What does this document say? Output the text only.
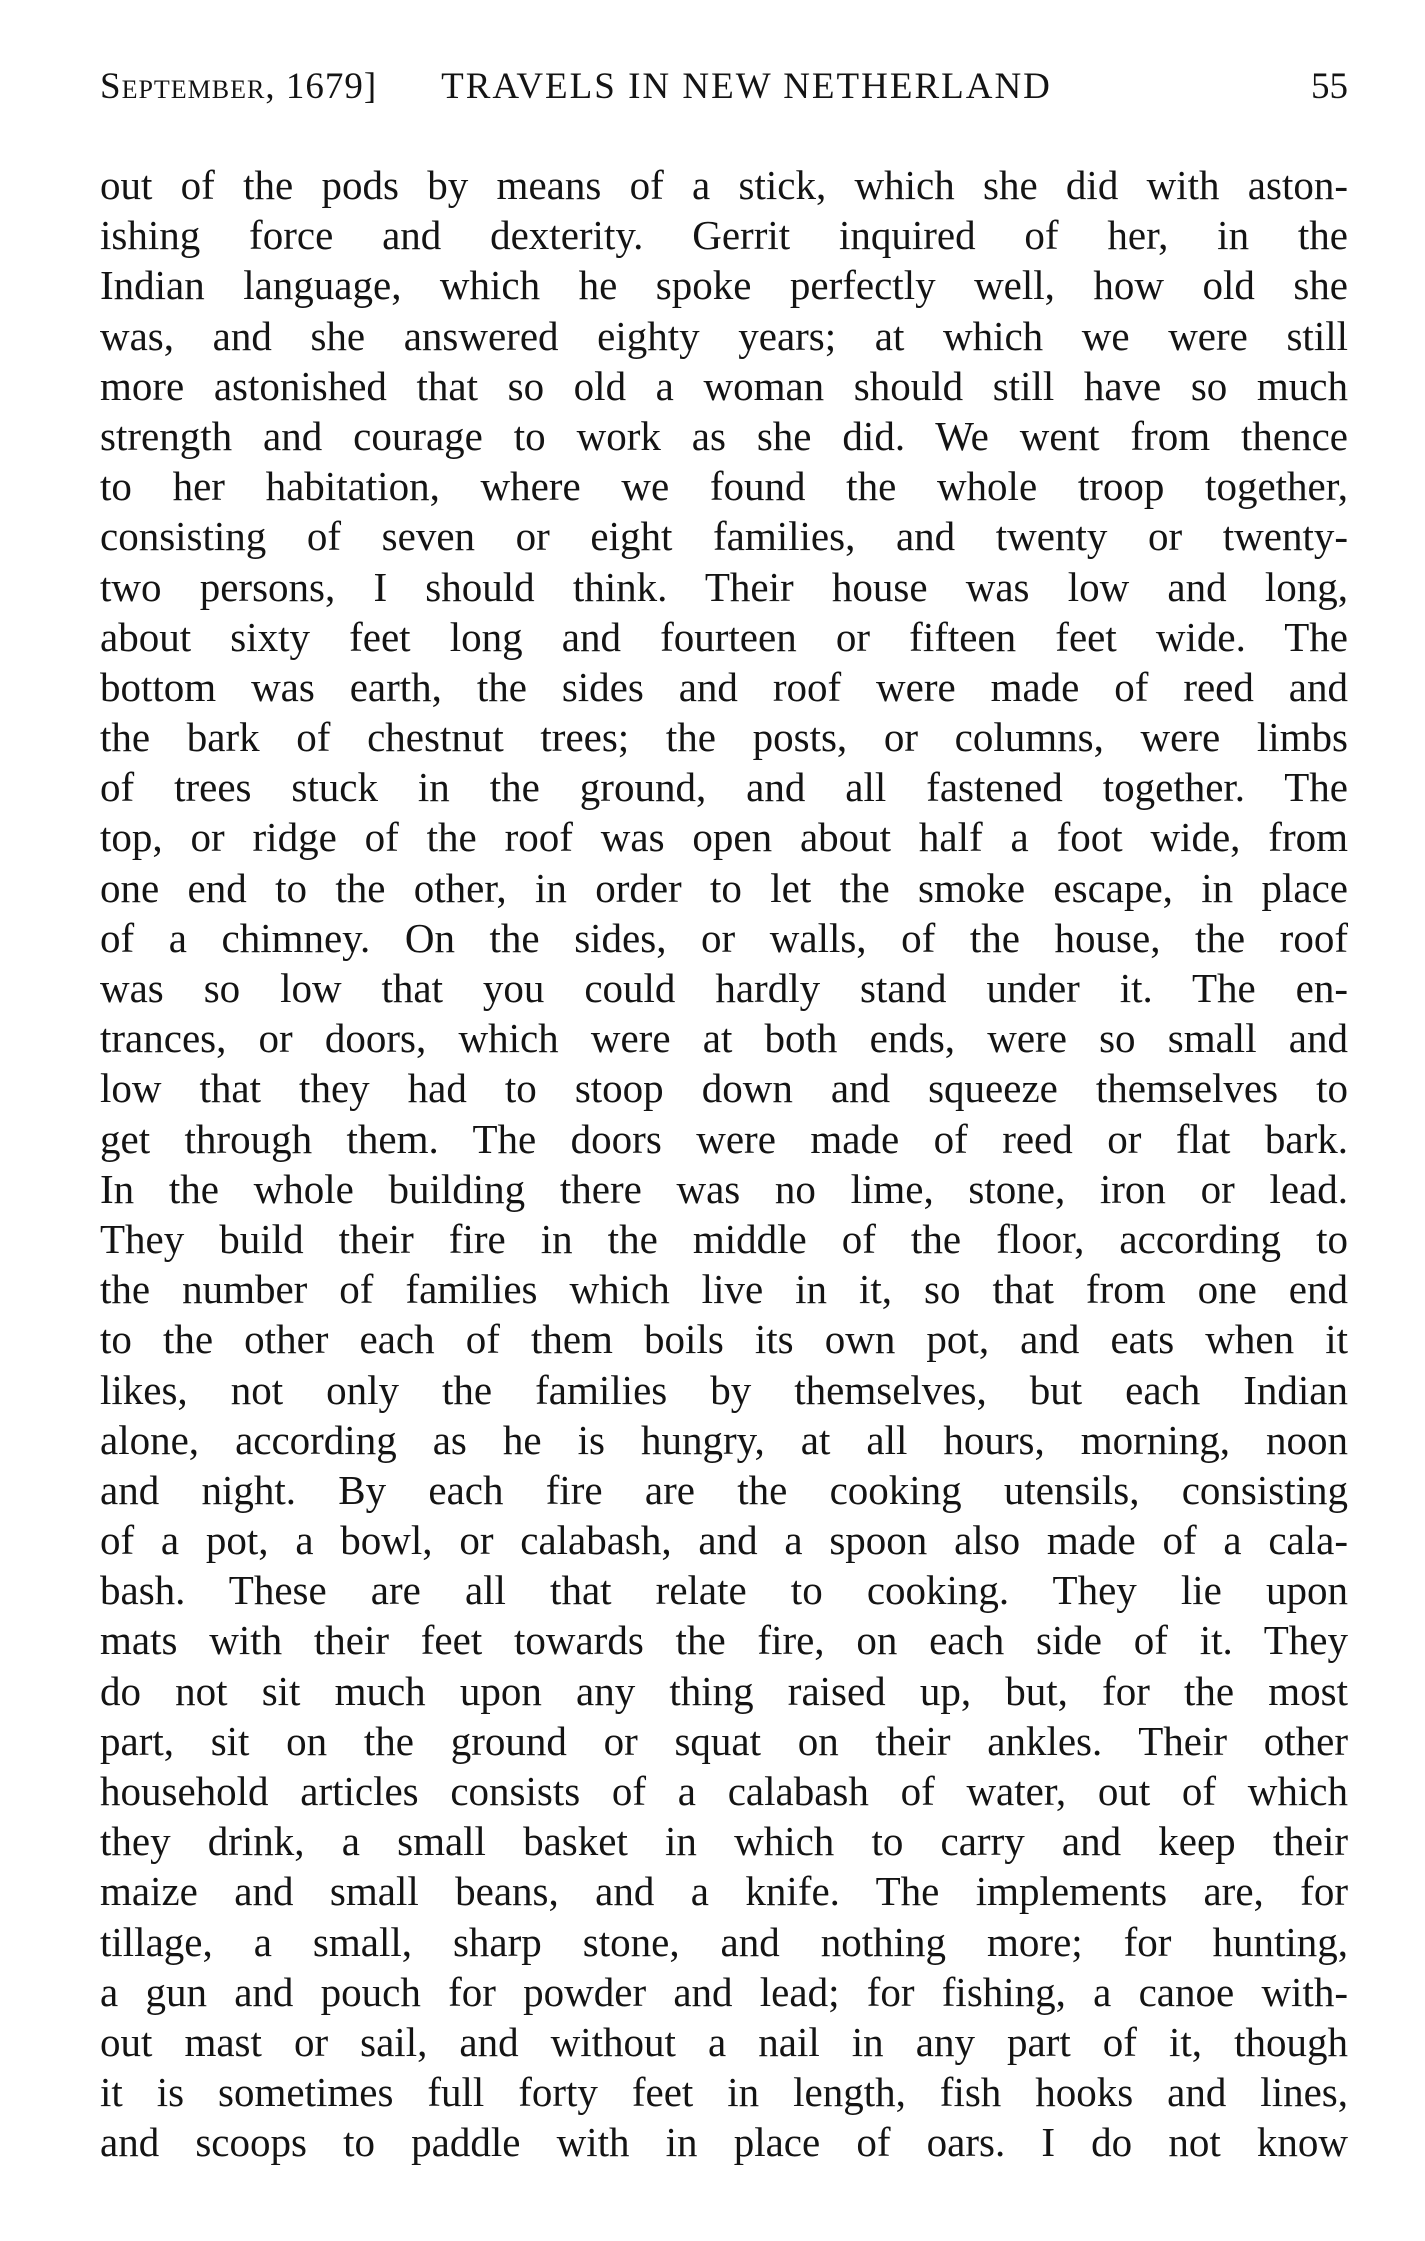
September, 1679]	TRAVELS IN NEW NETHERLAND	55
out of the pods by means of a stick, which she did with aston-
ishing force and dexterity. Gerrit inquired of her, in the
Indian language, which he spoke perfectly well, how old she
was, and she answered eighty years; at which we were still
more astonished that so old a woman should still have so much
strength and courage to work as she did. We went from thence
to her habitation, where we found the whole troop together,
consisting of seven or eight families, and twenty or twenty-
two persons, I should think. Their house was low and long,
about sixty feet long and fourteen or fifteen feet wide. The
bottom was earth, the sides and roof were made of reed and
the bark of chestnut trees; the posts, or columns, were limbs
of trees stuck in the ground, and all fastened together. The
top, or ridge of the roof was open about half a foot wide, from
one end to the other, in order to let the smoke escape, in place
of a chimney. On the sides, or walls, of the house, the roof
was so low that you could hardly stand under it. The en-
trances, or doors, which were at both ends, were so small and
low that they had to stoop down and squeeze themselves to
get through them. The doors were made of reed or flat bark.
In the whole building there was no lime, stone, iron or lead.
They build their fire in the middle of the floor, according to
the number of families which live in it, so that from one end
to the other each of them boils its own pot, and eats when it
likes, not only the families by themselves, but each Indian
alone, according as he is hungry, at all hours, morning, noon
and night. By each fire are the cooking utensils, consisting
of a pot, a bowl, or calabash, and a spoon also made of a cala-
bash. These are all that relate to cooking. They lie upon
mats with their feet towards the fire, on each side of it. They
do not sit much upon any thing raised up, but, for the most
part, sit on the ground or squat on their ankles. Their other
household articles consists of a calabash of water, out of which
they drink, a small basket in which to carry and keep their
maize and small beans, and a knife. The implements are, for
tillage, a small, sharp stone, and nothing more; for hunting,
a gun and pouch for powder and lead; for fishing, a canoe with-
out mast or sail, and without a nail in any part of it, though
it is sometimes full forty feet in length, fish hooks and lines,
and scoops to paddle with in place of oars. I do not know
